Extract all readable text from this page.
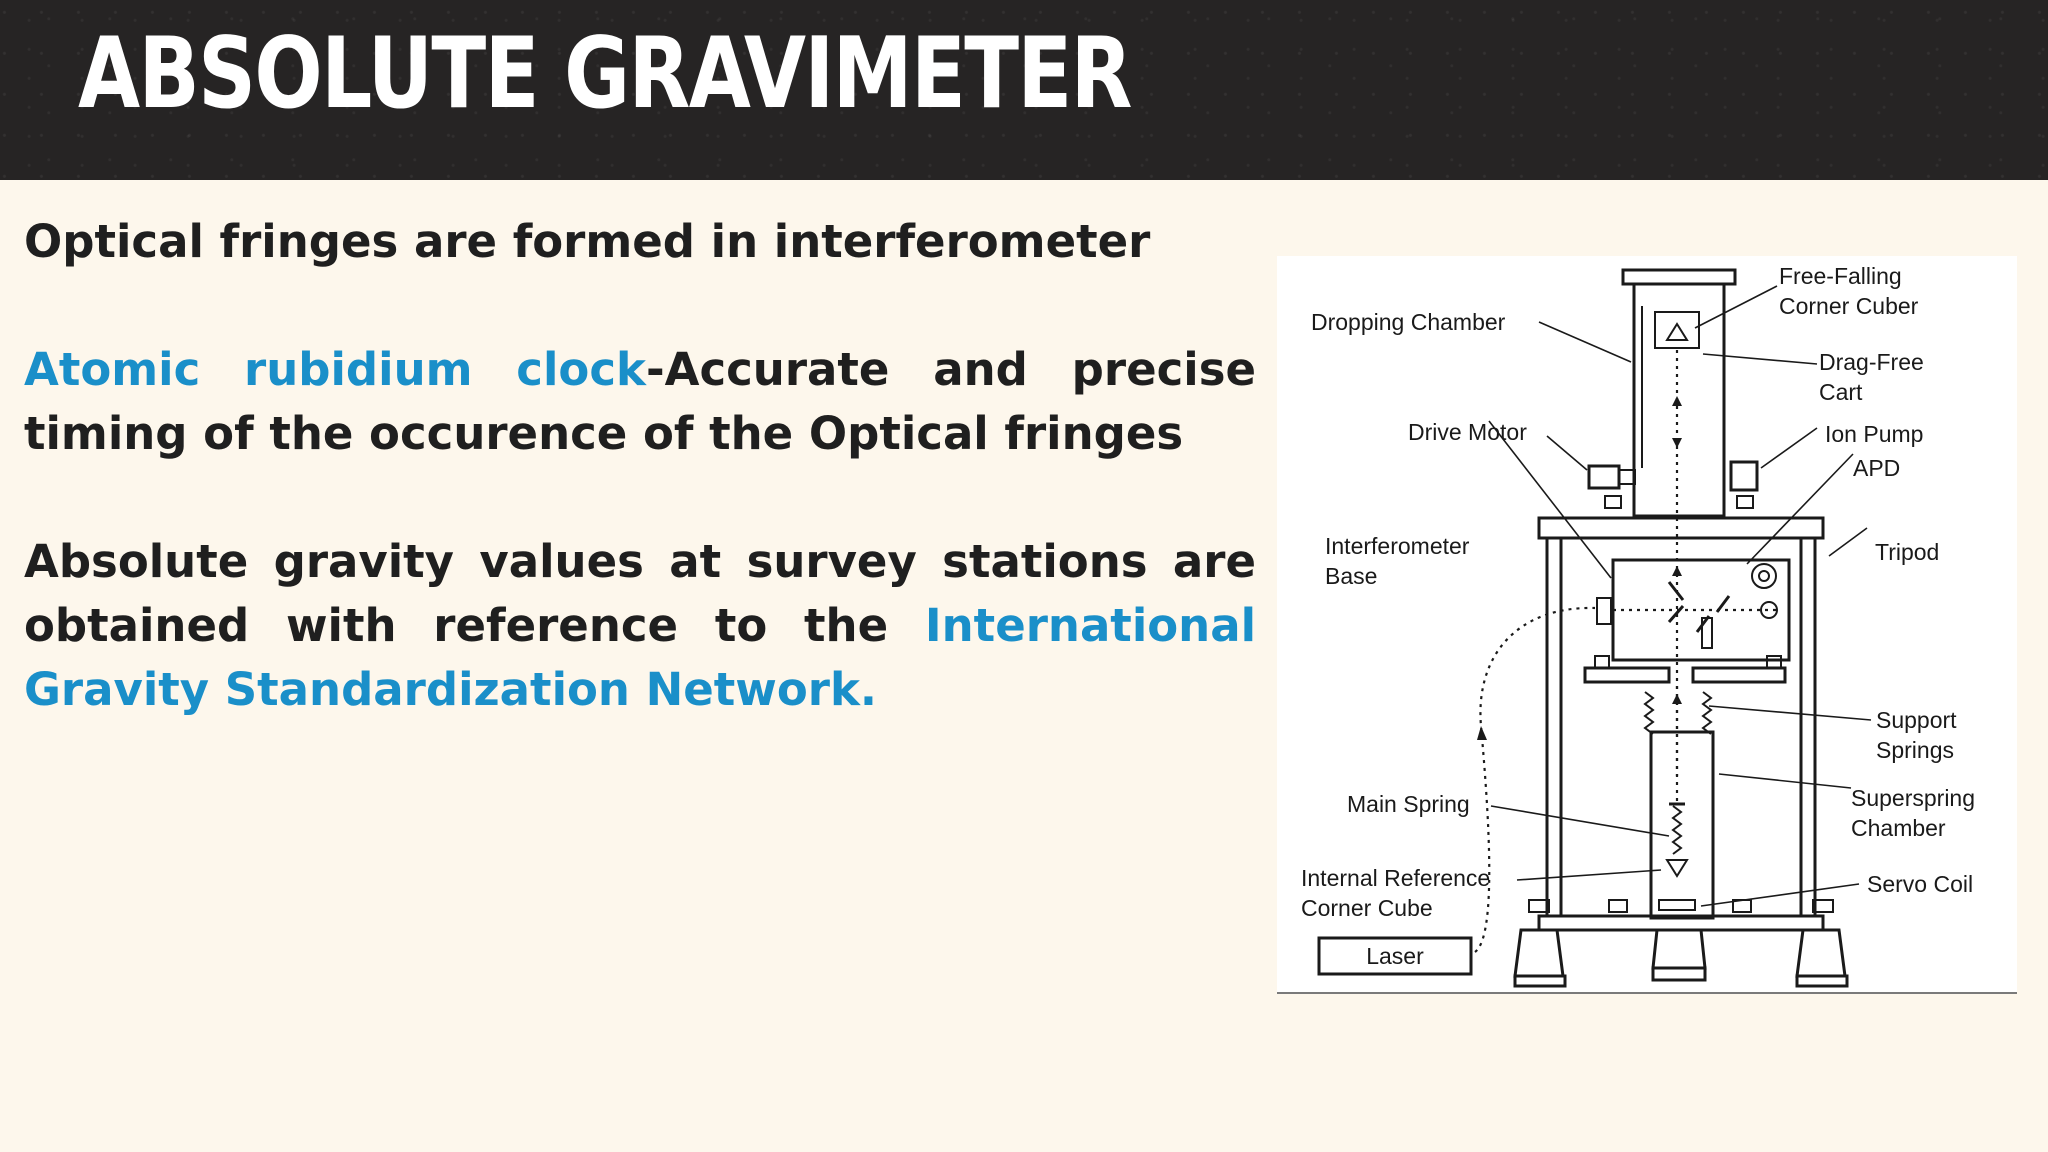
ABSOLUTE GRAVIMETER

Optical fringes are formed in interferometer

Atomic rubidium clock-Accurate and precise timing of the occurence of the Optical fringes

Absolute gravity values at survey stations are obtained with reference to the International Gravity Standardization Network.

Dropping Chamber
Free-Falling
Corner Cuber
Drag-Free
Cart
Drive Motor	Ion Pump
APD
Interferometer
Base
Tripod
Support
Springs
Superspring
Chamber
Main Spring
Internal Reference
Corner Cube
Servo Coil
Laser
